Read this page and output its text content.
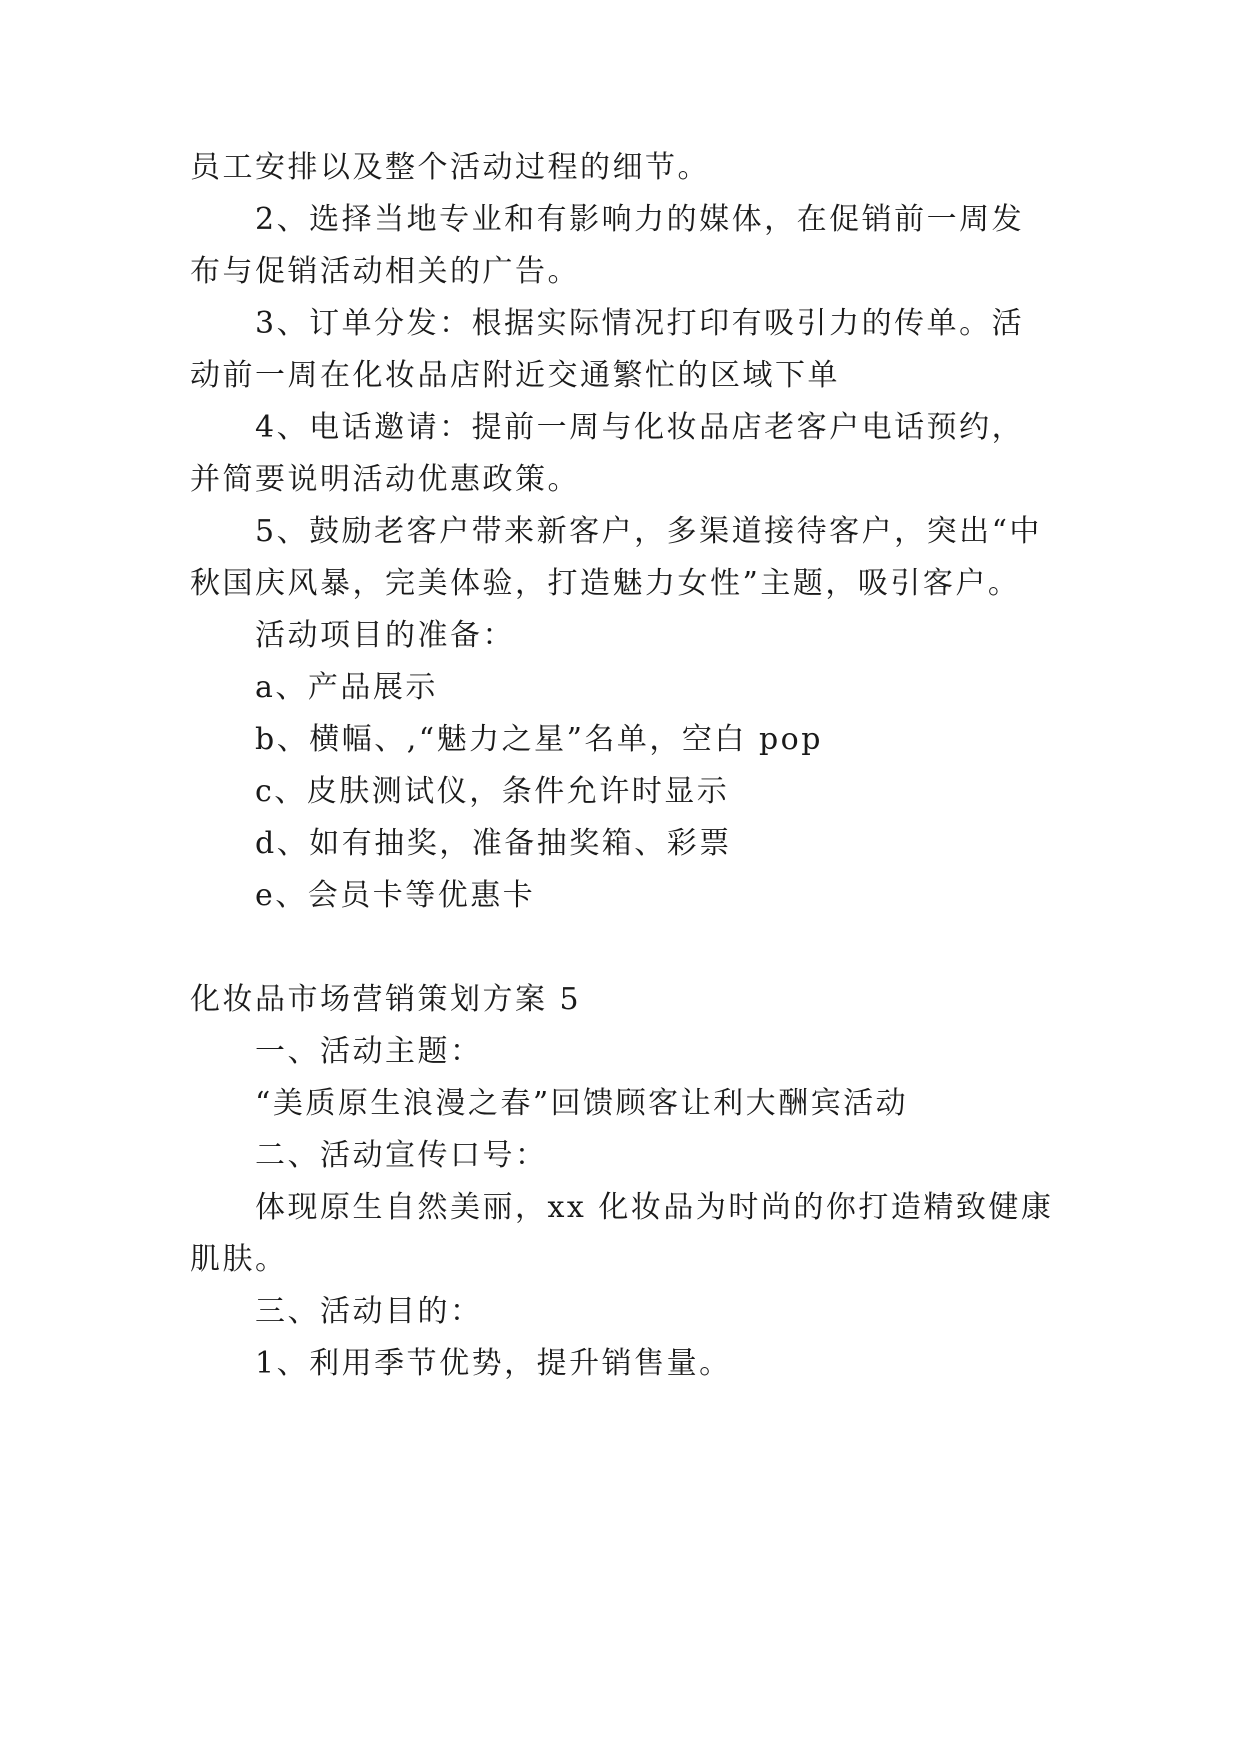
员工安排以及整个活动过程的细节。
2、选择当地专业和有影响力的媒体，在促销前一周发
布与促销活动相关的广告。
3、订单分发：根据实际情况打印有吸引力的传单。活
动前一周在化妆品店附近交通繁忙的区域下单
4、电话邀请：提前一周与化妆品店老客户电话预约，
并简要说明活动优惠政策。
5、鼓励老客户带来新客户，多渠道接待客户，突出“中
秋国庆风暴，完美体验，打造魅力女性”主题，吸引客户。
活动项目的准备：
a、产品展示
b、横幅、,“魅力之星”名单，空白 pop
c、皮肤测试仪，条件允许时显示
d、如有抽奖，准备抽奖箱、彩票
e、会员卡等优惠卡
化妆品市场营销策划方案 5
一、活动主题：
“美质原生浪漫之春”回馈顾客让利大酬宾活动
二、活动宣传口号：
体现原生自然美丽，xx 化妆品为时尚的你打造精致健康
肌肤。
三、活动目的：
1、利用季节优势，提升销售量。
